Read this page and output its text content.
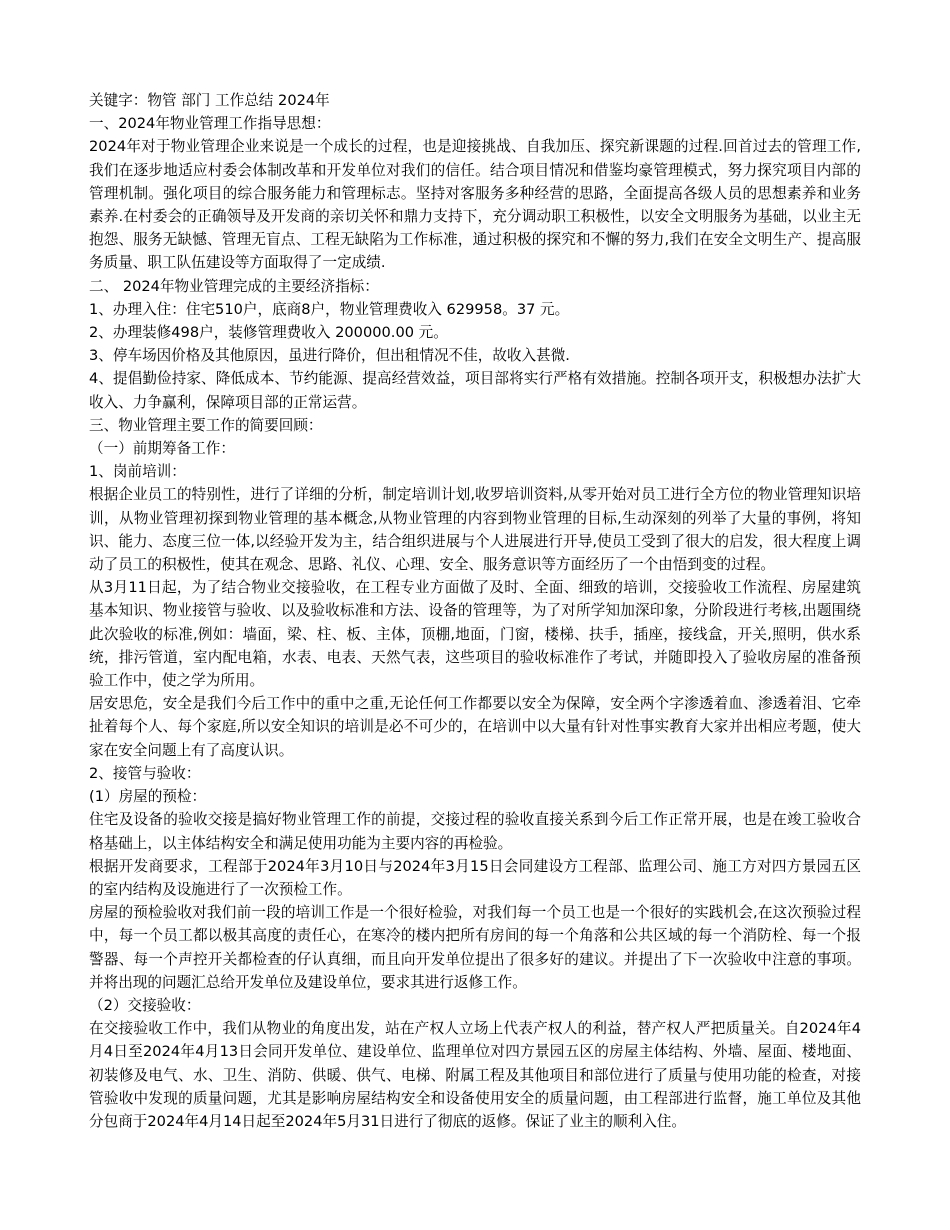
关键字：物管 部门 工作总结 2024年

一、2024年物业管理工作指导思想：

2024年对于物业管理企业来说是一个成长的过程，也是迎接挑战、自我加压、探究新课题的过程.回首过去的管理工作,我们在逐步地适应村委会体制改革和开发单位对我们的信任。结合项目情况和借鉴均豪管理模式，努力探究项目内部的管理机制。强化项目的综合服务能力和管理标志。坚持对客服务多种经营的思路，全面提高各级人员的思想素养和业务素养.在村委会的正确领导及开发商的亲切关怀和鼎力支持下，充分调动职工积极性，以安全文明服务为基础，以业主无抱怨、服务无缺憾、管理无盲点、工程无缺陷为工作标准，通过积极的探究和不懈的努力,我们在安全文明生产、提高服务质量、职工队伍建设等方面取得了一定成绩.

二、 2024年物业管理完成的主要经济指标：

1、办理入住：住宅510户，底商8户，物业管理费收入 629958。37 元。

2、办理装修498户，装修管理费收入 200000.00 元。

3、停车场因价格及其他原因，虽进行降价，但出租情况不佳，故收入甚微.

4、提倡勤俭持家、降低成本、节约能源、提高经营效益，项目部将实行严格有效措施。控制各项开支，积极想办法扩大收入、力争赢利，保障项目部的正常运营。

三、物业管理主要工作的简要回顾：

（一）前期筹备工作：

1、岗前培训：

根据企业员工的特别性，进行了详细的分析，制定培训计划,收罗培训资料,从零开始对员工进行全方位的物业管理知识培训，从物业管理初探到物业管理的基本概念,从物业管理的内容到物业管理的目标,生动深刻的列举了大量的事例，将知识、能力、态度三位一体,以经验开发为主，结合组织进展与个人进展进行开导,使员工受到了很大的启发，很大程度上调动了员工的积极性，使其在观念、思路、礼仪、心理、安全、服务意识等方面经历了一个由悟到变的过程。

从3月11日起，为了结合物业交接验收，在工程专业方面做了及时、全面、细致的培训，交接验收工作流程、房屋建筑基本知识、物业接管与验收、以及验收标准和方法、设备的管理等，为了对所学知加深印象，分阶段进行考核,出题围绕此次验收的标准,例如：墙面，梁、柱、板、主体，顶棚,地面，门窗，楼梯、扶手，插座，接线盒，开关,照明，供水系统，排污管道，室内配电箱，水表、电表、天然气表，这些项目的验收标准作了考试，并随即投入了验收房屋的准备预验工作中，使之学为所用。

居安思危，安全是我们今后工作中的重中之重,无论任何工作都要以安全为保障，安全两个字渗透着血、渗透着泪、它牵扯着每个人、每个家庭,所以安全知识的培训是必不可少的，在培训中以大量有针对性事实教育大家并出相应考题，使大家在安全问题上有了高度认识。

2、接管与验收：

(1）房屋的预检：

住宅及设备的验收交接是搞好物业管理工作的前提，交接过程的验收直接关系到今后工作正常开展，也是在竣工验收合格基础上，以主体结构安全和满足使用功能为主要内容的再检验。

根据开发商要求，工程部于2024年3月10日与2024年3月15日会同建设方工程部、监理公司、施工方对四方景园五区的室内结构及设施进行了一次预检工作。

房屋的预检验收对我们前一段的培训工作是一个很好检验，对我们每一个员工也是一个很好的实践机会,在这次预验过程中，每一个员工都以极其高度的责任心，在寒冷的楼内把所有房间的每一个角落和公共区域的每一个消防栓、每一个报警器、每一个声控开关都检查的仔认真细，而且向开发单位提出了很多好的建议。并提出了下一次验收中注意的事项。并将出现的问题汇总给开发单位及建设单位，要求其进行返修工作。

（2）交接验收：

在交接验收工作中，我们从物业的角度出发，站在产权人立场上代表产权人的利益，替产权人严把质量关。自2024年4月4日至2024年4月13日会同开发单位、建设单位、监理单位对四方景园五区的房屋主体结构、外墙、屋面、楼地面、初装修及电气、水、卫生、消防、供暖、供气、电梯、附属工程及其他项目和部位进行了质量与使用功能的检查，对接管验收中发现的质量问题，尤其是影响房屋结构安全和设备使用安全的质量问题，由工程部进行监督，施工单位及其他分包商于2024年4月14日起至2024年5月31日进行了彻底的返修。保证了业主的顺利入住。
